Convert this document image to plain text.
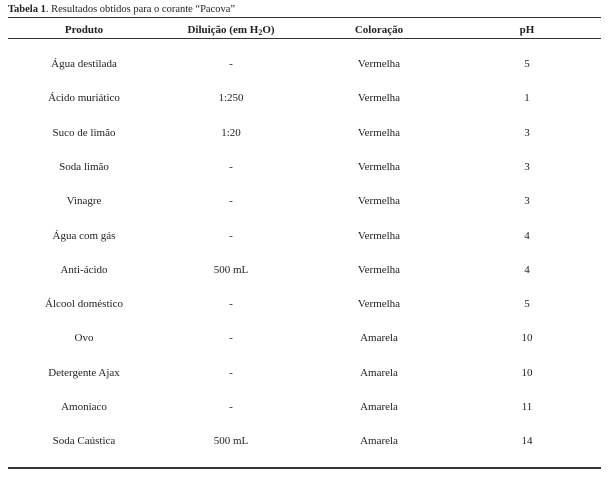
Tabela 1. Resultados obtidos para o corante “Pacova”
Produto	Diluição (em $H_2O$)	Coloração	pH
Água destilada	-	Vermelha	5
Ácido muriático	1:250	Vermelha	1
Suco de limão	1:20	Vermelha	3
Soda limão	-	Vermelha	3
Vinagre	-	Vermelha	3
Água com gás	-	Vermelha	4
Anti-ácido	500 mL	Vermelha	4
Álcool doméstico	-	Vermelha	5
Ovo	-	Amarela	10
Detergente Ajax	-	Amarela	10
Amoniaco	-	Amarela	11
Soda Caústica	500 mL	Amarela	14
